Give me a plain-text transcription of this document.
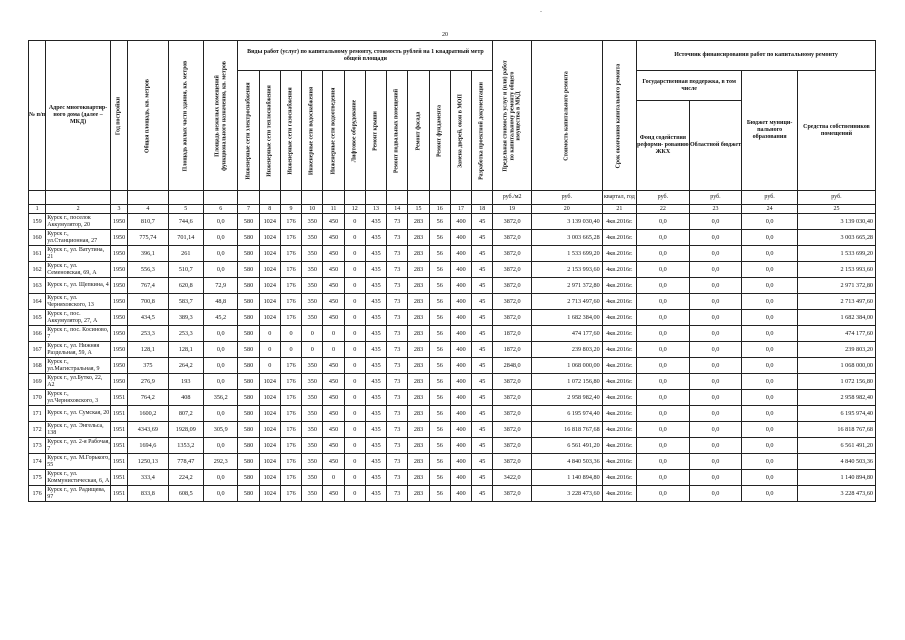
20
-
№ п/п	Адрес многоквартир- ного дома (далее – МКД)	Год постройки	Общая площадь, кв. метров	Площадь жилых части здания, кв. метров	Площадь нежилых помещений функционального назначения, кв. метров	Виды работ (услуг) по капитальному ремонту, стоимость рублей на 1 квадратный метр общей площади												Предельная стоимость услуг и (или) работ по капитальному ремонту общего имущества в МКД	Стоимость капитального ремонта	Срок окончания капитального ремонта	Источник финансирования работ по капитальному ремонту			

						Инженерные сети электроснабжения	Инженерные сети теплоснабжения	Инженерные сети газоснабжения	Инженерные сети водоснабжения	Инженерные сети водоотведения	Лифтовое оборудование	Ремонт крыши	Ремонт подвальных помещений	Ремонт фасада	Ремонт фундамента	Замена дверей, окон в МОП	Разработка проектной документации				Государственная поддержка, в том числе		Бюджет муници- пального образования	Средства собственников помещений
																					Фонд содействия реформи- рованию ЖКХ	Областной бюджет		
																		руб./м2	руб.	квартал, год	руб.	руб.	руб.	руб.
1	2	3	4	5	6	7	8	9	10	11	12	13	14	15	16	17	18	19	20	21	22	23	24	25
159	Курск г., поселок Аккумулятор, 20	1950	810,7	744,6	0,0	580	1024	176	350	450	0	435	73	283	56	400	45	3872,0	3 139 030,40	4кв.2016г.	0,0	0,0	0,0	3 139 030,40
160	Курск г., ул.Станционная, 27	1950	775,74	701,14	0,0	580	1024	176	350	450	0	435	73	283	56	400	45	3872,0	3 003 665,28	4кв.2016г.	0,0	0,0	0,0	3 003 665,28
161	Курск г., ул. Ватутина, 21	1950	396,1	261	0,0	580	1024	176	350	450	0	435	73	283	56	400	45	3872,0	1 533 699,20	4кв.2016г.	0,0	0,0	0,0	1 533 699,20
162	Курск г., ул. Семеновская, 69, А	1950	556,3	510,7	0,0	580	1024	176	350	450	0	435	73	283	56	400	45	3872,0	2 153 993,60	4кв.2016г.	0,0	0,0	0,0	2 153 993,60
163	Курск г., ул. Щепкина, 4	1950	767,4	620,8	72,9	580	1024	176	350	450	0	435	73	283	56	400	45	3872,0	2 971 372,80	4кв.2016г.	0,0	0,0	0,0	2 971 372,80
164	Курск г., ул. Черняховского, 13	1950	700,8	583,7	48,8	580	1024	176	350	450	0	435	73	283	56	400	45	3872,0	2 713 497,60	4кв.2016г.	0,0	0,0	0,0	2 713 497,60
165	Курск г., пос. Аккумулятор, 27, А	1950	434,5	389,3	45,2	580	1024	176	350	450	0	435	73	283	56	400	45	3872,0	1 682 384,00	4кв.2016г.	0,0	0,0	0,0	1 682 384,00
166	Курск г., пос. Косиново, 7	1950	253,3	253,3	0,0	580	0	0	0	0	0	435	73	283	56	400	45	1872,0	474 177,60	4кв.2016г.	0,0	0,0	0,0	474 177,60
167	Курск г., ул. Нижняя Раздельная, 59, А	1950	128,1	128,1	0,0	580	0	0	0	0	0	435	73	283	56	400	45	1872,0	239 803,20	4кв.2016г.	0,0	0,0	0,0	239 803,20
168	Курск г., ул.Магистральная, 9	1950	375	264,2	0,0	580	0	176	350	450	0	435	73	283	56	400	45	2848,0	1 068 000,00	4кв.2016г.	0,0	0,0	0,0	1 068 000,00
169	Курск г., ул.Бутко, 22, А2	1950	276,9	193	0,0	580	1024	176	350	450	0	435	73	283	56	400	45	3872,0	1 072 156,80	4кв.2016г.	0,0	0,0	0,0	1 072 156,80
170	Курск г., ул.Черняховского, 3	1951	764,2	408	356,2	580	1024	176	350	450	0	435	73	283	56	400	45	3872,0	2 958 982,40	4кв.2016г.	0,0	0,0	0,0	2 958 982,40
171	Курск г., ул. Сумская, 20	1951	1600,2	807,2	0,0	580	1024	176	350	450	0	435	73	283	56	400	45	3872,0	6 195 974,40	4кв.2016г.	0,0	0,0	0,0	6 195 974,40
172	Курск г., ул. Энгельса, 138	1951	4343,69	1928,09	305,9	580	1024	176	350	450	0	435	73	283	56	400	45	3872,0	16 818 767,68	4кв.2016г.	0,0	0,0	0,0	16 818 767,68
173	Курск г., ул. 2-я Рабочая, 7	1951	1694,6	1353,2	0,0	580	1024	176	350	450	0	435	73	283	56	400	45	3872,0	6 561 491,20	4кв.2016г.	0,0	0,0	0,0	6 561 491,20
174	Курск г., ул. М.Горького, 55	1951	1250,13	778,47	292,3	580	1024	176	350	450	0	435	73	283	56	400	45	3872,0	4 840 503,36	4кв.2016г.	0,0	0,0	0,0	4 840 503,36
175	Курск г., ул. Коммунистическая, 6, А	1951	333,4	224,2	0,0	580	1024	176	350	0	0	435	73	283	56	400	45	3422,0	1 140 894,80	4кв.2016г.	0,0	0,0	0,0	1 140 894,80
176	Курск г., ул. Радищева, 97	1951	833,8	608,5	0,0	580	1024	176	350	450	0	435	73	283	56	400	45	3872,0	3 228 473,60	4кв.2016г.	0,0	0,0	0,0	3 228 473,60
